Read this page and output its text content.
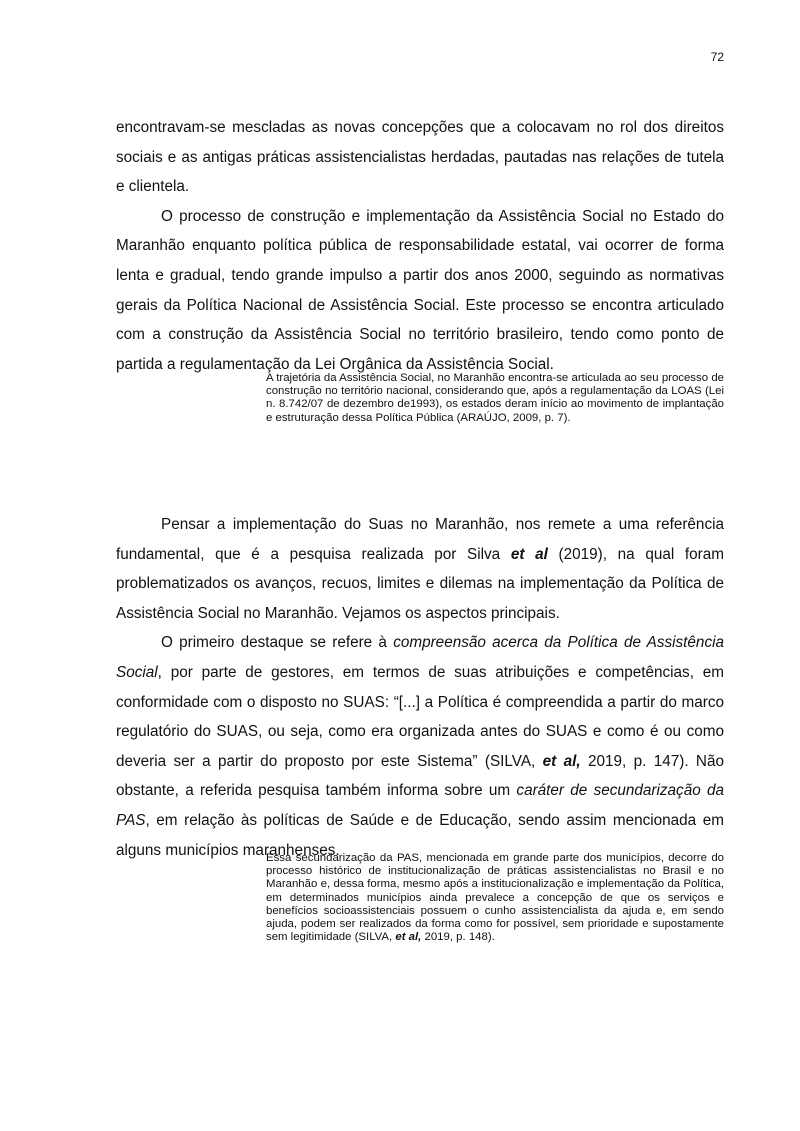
72

encontravam-se mescladas as novas concepções que a colocavam no rol dos direitos sociais e as antigas práticas assistencialistas herdadas, pautadas nas relações de tutela e clientela.

O processo de construção e implementação da Assistência Social no Estado do Maranhão enquanto política pública de responsabilidade estatal, vai ocorrer de forma lenta e gradual, tendo grande impulso a partir dos anos 2000, seguindo as normativas gerais da Política Nacional de Assistência Social. Este processo se encontra articulado com a construção da Assistência Social no território brasileiro, tendo como ponto de partida a regulamentação da Lei Orgânica da Assistência Social.

A trajetória da Assistência Social, no Maranhão encontra-se articulada ao seu processo de construção no território nacional, considerando que, após a regulamentação da LOAS (Lei n. 8.742/07 de dezembro de1993), os estados deram início ao movimento de implantação e estruturação dessa Política Pública (ARAÚJO, 2009, p. 7).

Pensar a implementação do Suas no Maranhão, nos remete a uma referência fundamental, que é a pesquisa realizada por Silva et al (2019), na qual foram problematizados os avanços, recuos, limites e dilemas na implementação da Política de Assistência Social no Maranhão. Vejamos os aspectos principais.

O primeiro destaque se refere à compreensão acerca da Política de Assistência Social, por parte de gestores, em termos de suas atribuições e competências, em conformidade com o disposto no SUAS: “[...] a Política é compreendida a partir do marco regulatório do SUAS, ou seja, como era organizada antes do SUAS e como é ou como deveria ser a partir do proposto por este Sistema” (SILVA, et al, 2019, p. 147). Não obstante, a referida pesquisa também informa sobre um caráter de secundarização da PAS, em relação às políticas de Saúde e de Educação, sendo assim mencionada em alguns municípios maranhenses.

Essa secundarização da PAS, mencionada em grande parte dos municípios, decorre do processo histórico de institucionalização de práticas assistencialistas no Brasil e no Maranhão e, dessa forma, mesmo após a institucionalização e implementação da Política, em determinados municípios ainda prevalece a concepção de que os serviços e benefícios socioassistenciais possuem o cunho assistencialista da ajuda e, em sendo ajuda, podem ser realizados da forma como for possível, sem prioridade e supostamente sem legitimidade (SILVA, et al, 2019, p. 148).
